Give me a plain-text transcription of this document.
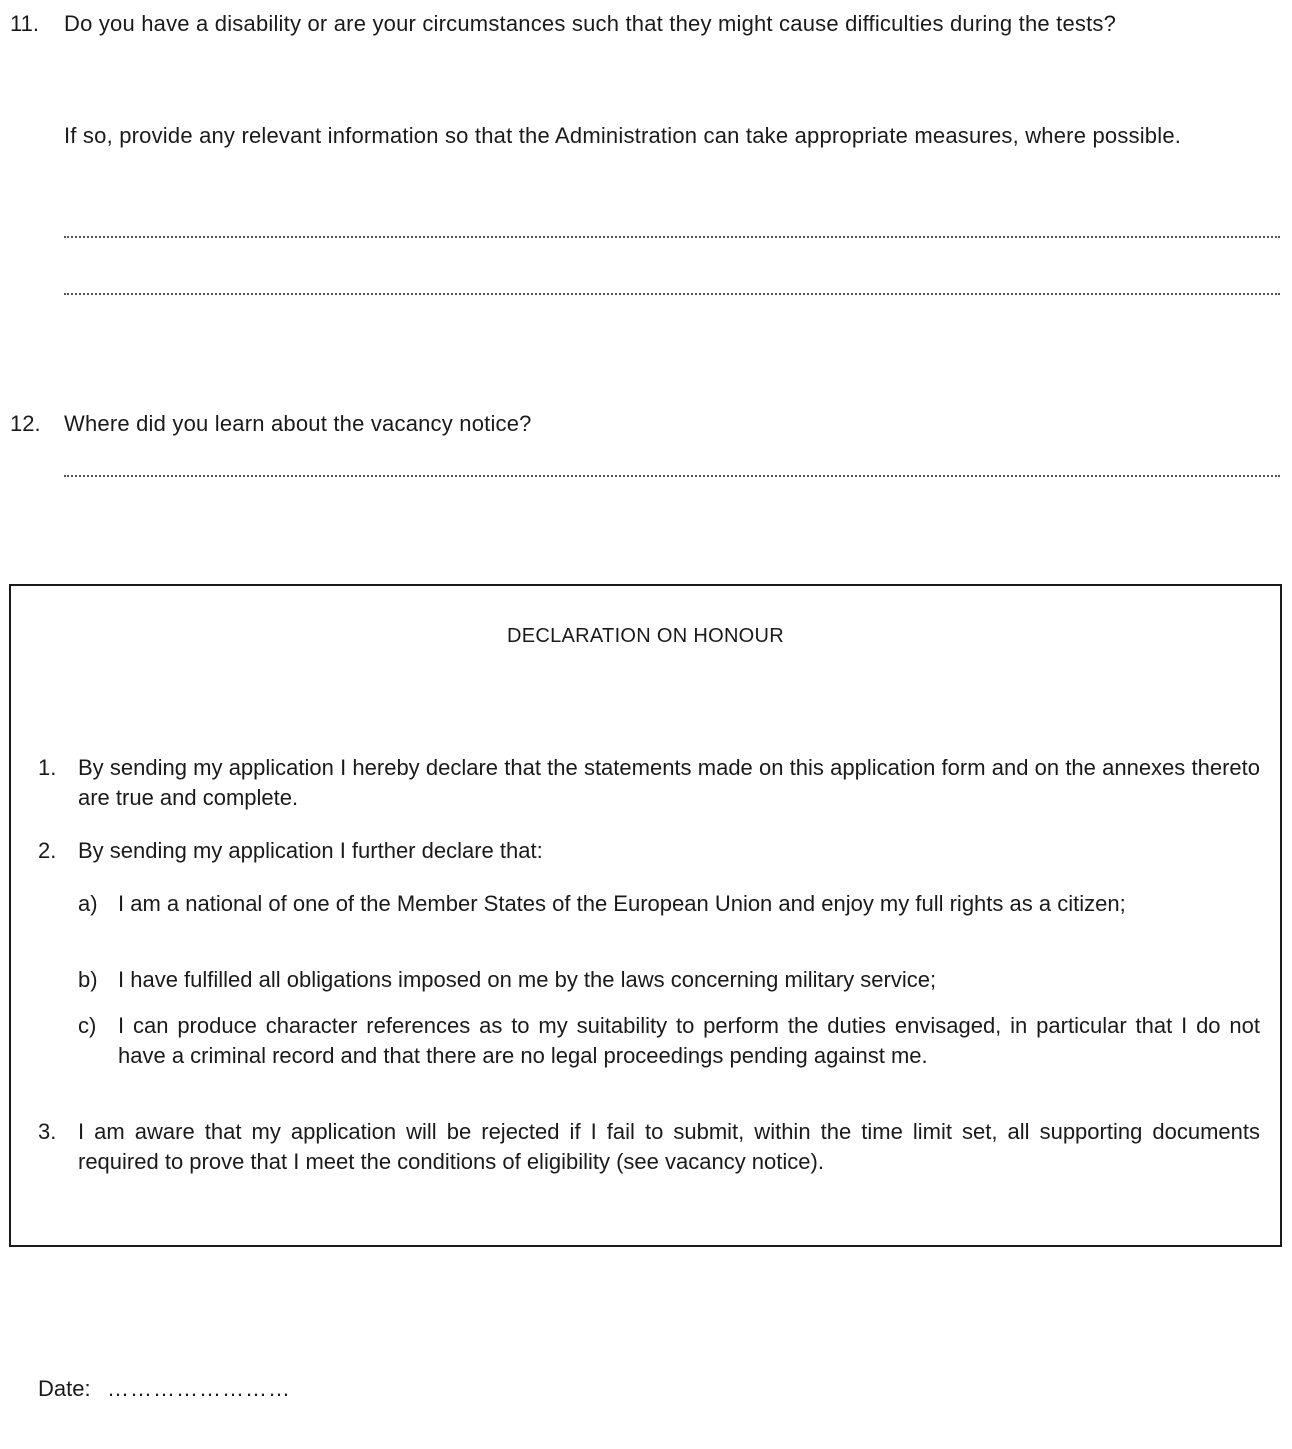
11. Do you have a disability or are your circumstances such that they might cause difficulties during the tests?
If so, provide any relevant information so that the Administration can take appropriate measures, where possible.
12. Where did you learn about the vacancy notice?
DECLARATION ON HONOUR
1. By sending my application I hereby declare that the statements made on this application form and on the annexes thereto are true and complete.
2. By sending my application I further declare that:
a) I am a national of one of the Member States of the European Union and enjoy my full rights as a citizen;
b) I have fulfilled all obligations imposed on me by the laws concerning military service;
c) I can produce character references as to my suitability to perform the duties envisaged, in particular that I do not have a criminal record and that there are no legal proceedings pending against me.
3. I am aware that my application will be rejected if I fail to submit, within the time limit set, all supporting documents required to prove that I meet the conditions of eligibility (see vacancy notice).
Date: ……………………
